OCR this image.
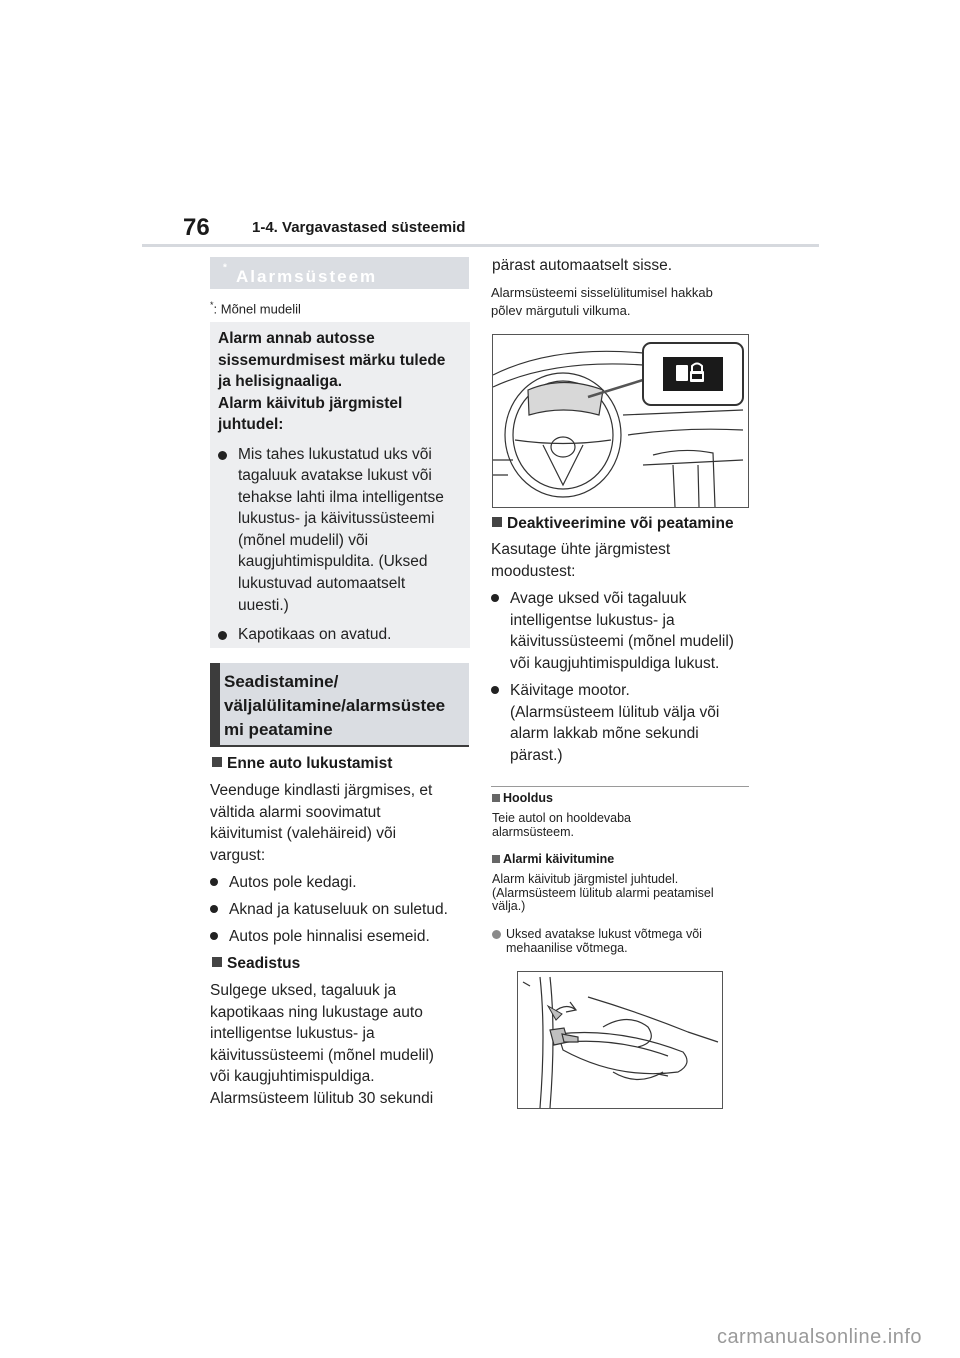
76	1-4. Vargavastased süsteemid
Alarmsüsteem
*
*: Mõnel mudelil
Alarm annab autosse
sissemurdmisest märku tulede
ja helisignaaliga.
Alarm käivitub järgmistel
juhtudel:
Mis tahes lukustatud uks või
tagaluuk avatakse lukust või
tehakse lahti ilma intelligentse
lukustus- ja käivitussüsteemi
(mõnel mudelil) või
kaugjuhtimispuldita. (Uksed
lukustuvad automaatselt
uuesti.)
Kapotikaas on avatud.
Seadistamine/
väljalülitamine/alarmsüstee
mi peatamine
Enne auto lukustamist
Veenduge kindlasti järgmises, et
vältida alarmi soovimatut
käivitumist (valehäireid) või
vargust:
Autos pole kedagi.
Aknad ja katuseluuk on suletud.
Autos pole hinnalisi esemeid.
Seadistus
Sulgege uksed, tagaluuk ja
kapotikaas ning lukustage auto
intelligentse lukustus- ja
käivitussüsteemi (mõnel mudelil)
või kaugjuhtimispuldiga.
Alarmsüsteem lülitub 30 sekundi
pärast automaatselt sisse.
Alarmsüsteemi sisselülitumisel hakkab
põlev märgutuli vilkuma.
Deaktiveerimine või peatamine
Kasutage ühte järgmistest
moodustest:
Avage uksed või tagaluuk
intelligentse lukustus- ja
käivitussüsteemi (mõnel mudelil)
või kaugjuhtimispuldiga lukust.
Käivitage mootor.
(Alarmsüsteem lülitub välja või
alarm lakkab mõne sekundi
pärast.)
Hooldus
Teie autol on hooldevaba
alarmsüsteem.
Alarmi käivitumine
Alarm käivitub järgmistel juhtudel.
(Alarmsüsteem lülitub alarmi peatamisel
välja.)
Uksed avatakse lukust võtmega või
mehaanilise võtmega.
carmanualsonline.info
